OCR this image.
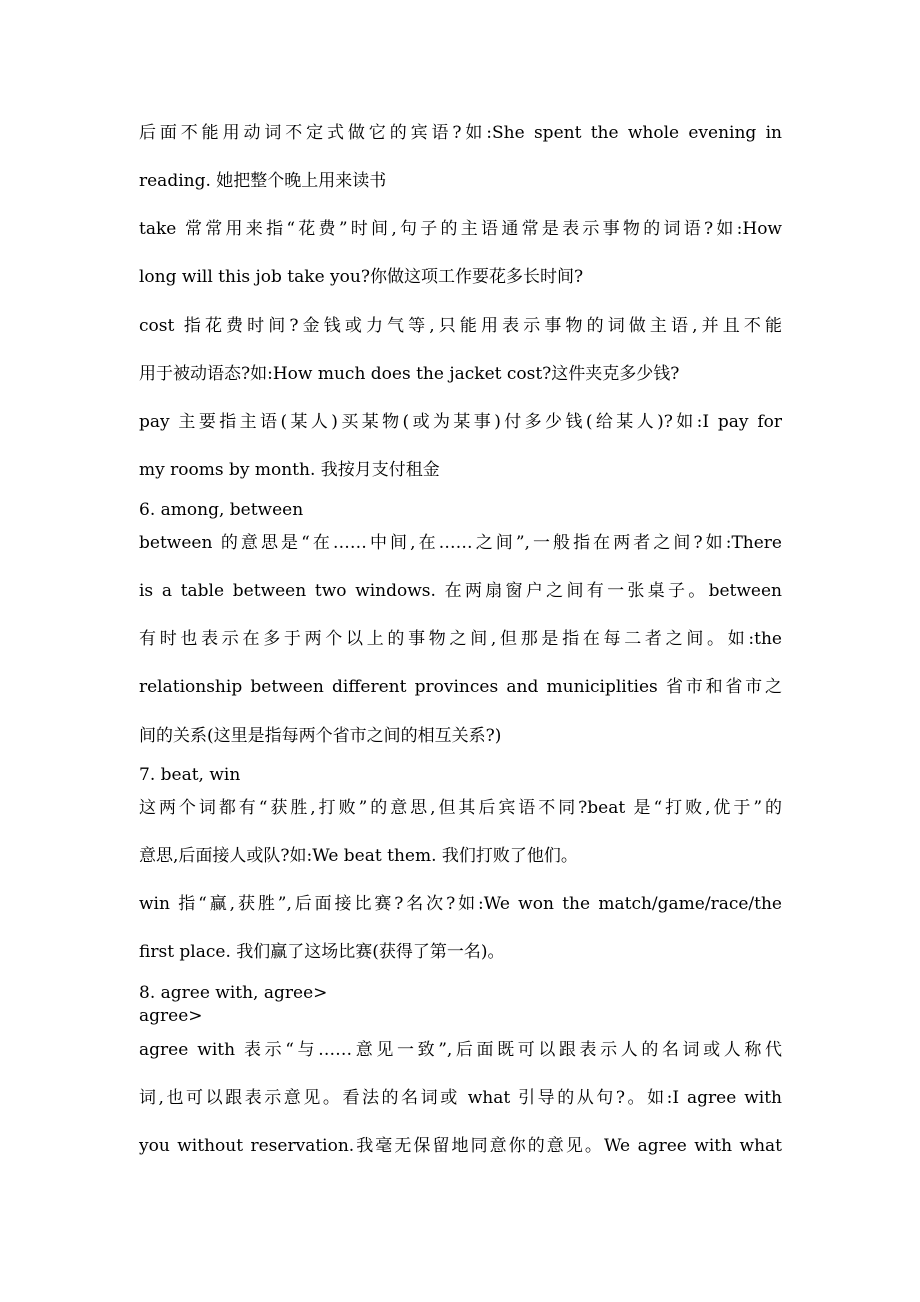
后面不能用动词不定式做它的宾语?如:She spent the whole evening in
reading. 她把整个晚上用来读书
take 常常用来指“花费”时间,句子的主语通常是表示事物的词语?如:How
long will this job take you?你做这项工作要花多长时间?
cost 指花费时间?金钱或力气等,只能用表示事物的词做主语,并且不能
用于被动语态?如:How much does the jacket cost?这件夹克多少钱?
pay 主要指主语(某人)买某物(或为某事)付多少钱(给某人)?如:I pay for
my rooms by month. 我按月支付租金
6. among, between
between 的意思是“在……中间,在……之间”,一般指在两者之间?如:There
is a table between two windows. 在两扇窗户之间有一张桌子。between
有时也表示在多于两个以上的事物之间,但那是指在每二者之间。如:the
relationship between different provinces and municiplities 省市和省市之
间的关系(这里是指每两个省市之间的相互关系?)
7. beat, win
这两个词都有“获胜,打败”的意思,但其后宾语不同?beat 是“打败,优于”的
意思,后面接人或队?如:We beat them. 我们打败了他们。
win 指“赢,获胜”,后面接比赛?名次?如:We won the match/game/race/the
first place. 我们赢了这场比赛(获得了第一名)。
8. agree with, agree>
agree>
agree with 表示“与……意见一致”,后面既可以跟表示人的名词或人称代
词,也可以跟表示意见。看法的名词或 what 引导的从句?。如:I agree with
you without reservation.我毫无保留地同意你的意见。We agree with what
